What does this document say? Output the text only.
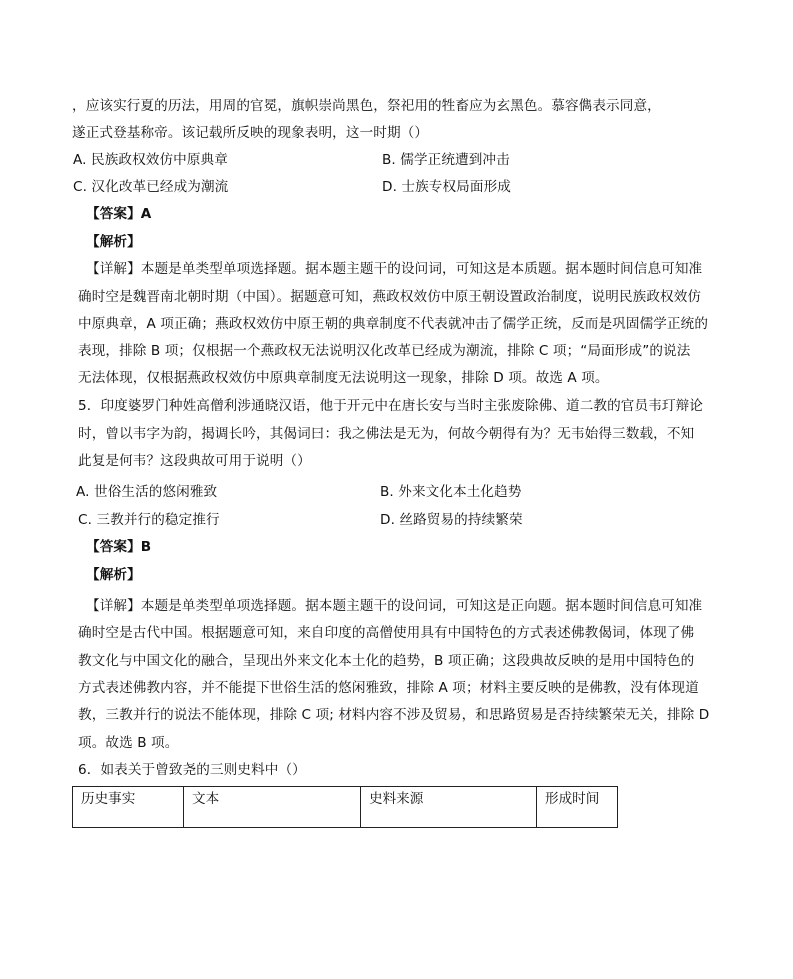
，应该实行夏的历法，用周的官冕，旗帜崇尚黑色，祭祀用的牲畜应为玄黑色。慕容儁表示同意，
遂正式登基称帝。该记载所反映的现象表明，这一时期（）
A. 民族政权效仿中原典章	B. 儒学正统遭到冲击
C. 汉化改革已经成为潮流	D. 士族专权局面形成
【答案】A
【解析】
【详解】本题是单类型单项选择题。据本题主题干的设问词，可知这是本质题。据本题时间信息可知准
确时空是魏晋南北朝时期（中国）。据题意可知，燕政权效仿中原王朝设置政治制度，说明民族政权效仿
中原典章，A 项正确；燕政权效仿中原王朝的典章制度不代表就冲击了儒学正统，反而是巩固儒学正统的
表现，排除 B 项；仅根据一个燕政权无法说明汉化改革已经成为潮流，排除 C 项；“局面形成”的说法
无法体现，仅根据燕政权效仿中原典章制度无法说明这一现象，排除 D 项。故选 A 项。
5．印度婆罗门种姓高僧利涉通晓汉语，他于开元中在唐长安与当时主张废除佛、道二教的官员韦玎辩论
时，曾以韦字为韵，揭调长吟，其偈词曰：我之佛法是无为，何故今朝得有为？无韦始得三数载，不知
此复是何韦？这段典故可用于说明（）
A. 世俗生活的悠闲雅致	B. 外来文化本土化趋势
C. 三教并行的稳定推行	D. 丝路贸易的持续繁荣
【答案】B
【解析】
【详解】本题是单类型单项选择题。据本题主题干的设问词，可知这是正向题。据本题时间信息可知准
确时空是古代中国。根据题意可知，来自印度的高僧使用具有中国特色的方式表述佛教偈词，体现了佛
教文化与中国文化的融合，呈现出外来文化本土化的趋势，B 项正确；这段典故反映的是用中国特色的
方式表述佛教内容，并不能提下世俗生活的悠闲雅致，排除 A 项；材料主要反映的是佛教，没有体现道
教，三教并行的说法不能体现，排除 C 项; 材料内容不涉及贸易，和思路贸易是否持续繁荣无关，排除 D
项。故选 B 项。
6．如表关于曾致尧的三则史料中（）
历史事实	文本	史料来源	形成时间
